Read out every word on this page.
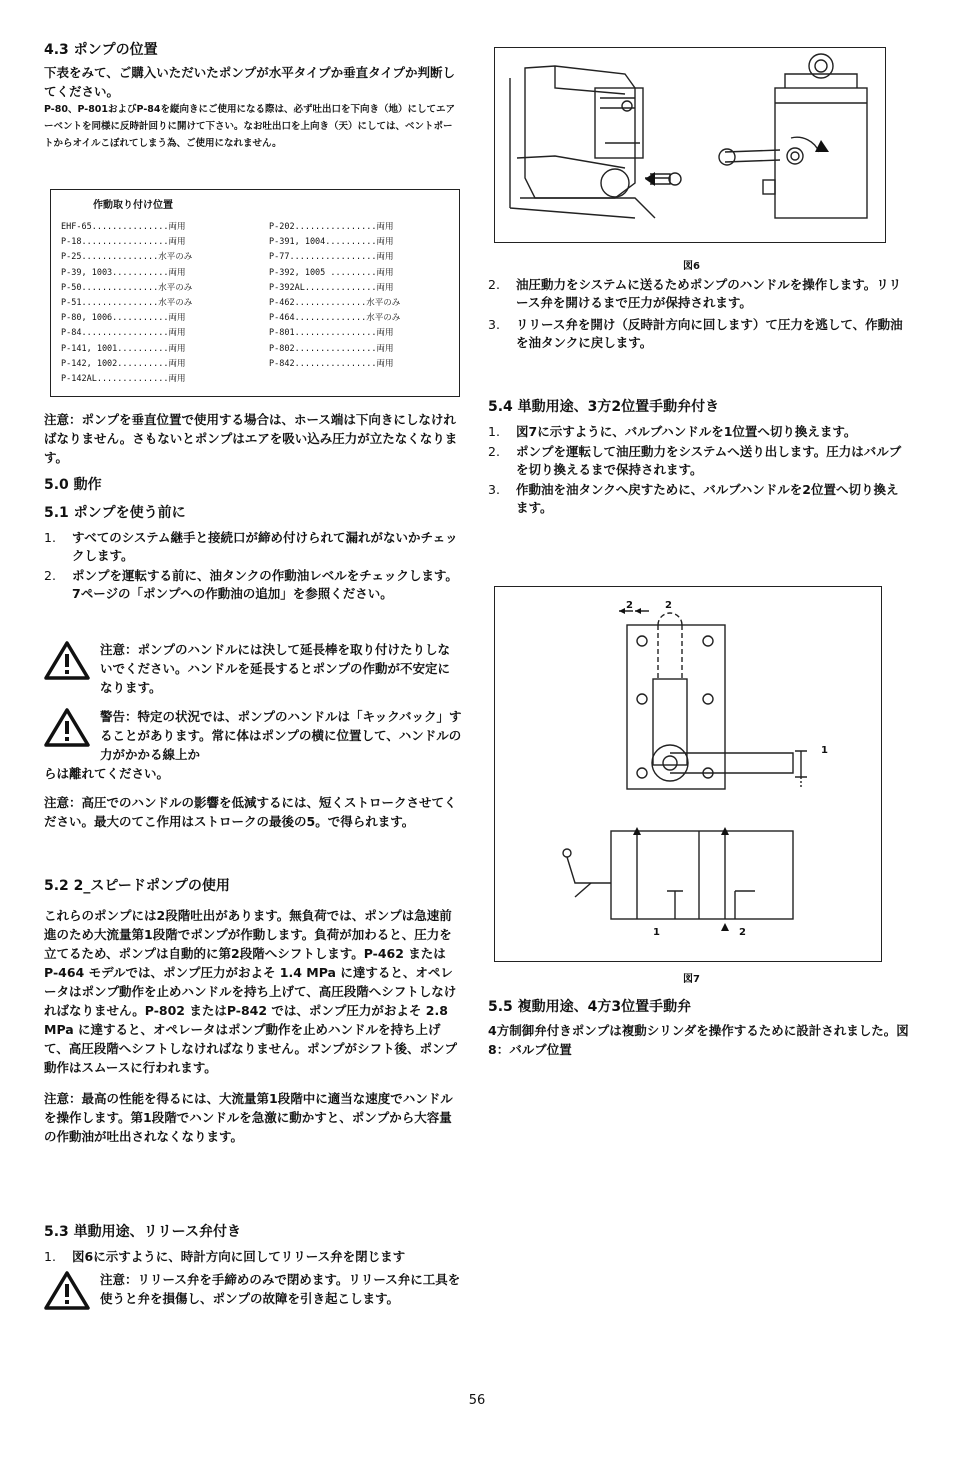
4.3 ポンプの位置
下表をみて、ご購入いただいたポンプが水平タイプか垂直タイプか判断してください。
P-80、P-801およびP-84を縦向きにご使用になる際は、必ず吐出口を下向き（地）にしてエアーベントを同様に反時計回りに開けて下さい。なお吐出口を上向き（天）にしては、ベントポートからオイルこぼれてしまう為、ご使用になれません。
作動取り付け位置
EHF-65...............両用
P-18.................両用
P-25...............水平のみ
P-39, 1003...........両用
P-50...............水平のみ
P-51...............水平のみ
P-80, 1006...........両用
P-84.................両用
P-141, 1001..........両用
P-142, 1002..........両用
P-142AL..............両用
P-202................両用
P-391, 1004..........両用
P-77.................両用
P-392, 1005 .........両用
P-392AL..............両用
P-462..............水平のみ
P-464..............水平のみ
P-801................両用
P-802................両用
P-842................両用
注意：ポンプを垂直位置で使用する場合は、ホース端は下向きにしなければなりません。さもないとポンプはエアを吸い込み圧力が立たなくなります。
5.0 動作
5.1 ポンプを使う前に
1.	すべてのシステム継手と接続口が締め付けられて漏れがないかチェックします。
2.	ポンプを運転する前に、油タンクの作動油レベルをチェックします。7ページの「ポンプへの作動油の追加」を参照ください。
注意：ポンプのハンドルには決して延長棒を取り付けたりしないでください。ハンドルを延長するとポンプの作動が不安定になります。
警告：特定の状況では、ポンプのハンドルは「キックバック」することがあります。常に体はポンプの横に位置して、ハンドルの力がかかる線上か
らは離れてください。
注意：高圧でのハンドルの影響を低減するには、短くストロークさせてください。最大のてこ作用はストロークの最後の5。で得られます。
5.2 2_スピードポンプの使用
これらのポンプには2段階吐出があります。無負荷では、ポンプは急速前進のため大流量第1段階でポンプが作動します。負荷が加わると、圧力を立てるため、ポンプは自動的に第2段階へシフトします。P-462 または P-464 モデルでは、ポンプ圧力がおよそ 1.4 MPa に達すると、オペレータはポンプ動作を止めハンドルを持ち上げて、高圧段階へシフトしなければなりません。P-802 またはP-842 では、ポンプ圧力がおよそ 2.8 MPa に達すると、オペレータはポンプ動作を止めハンドルを持ち上げて、高圧段階へシフトしなければなりません。ポンプがシフト後、ポンプ動作はスムースに行われます。
注意：最高の性能を得るには、大流量第1段階中に適当な速度でハンドルを操作します。第1段階でハンドルを急激に動かすと、ポンプから大容量の作動油が吐出されなくなります。
5.3 単動用途、リリース弁付き
1.	図6に示すように、時計方向に回してリリース弁を閉じます
注意：リリース弁を手締めのみで閉めます。リリース弁に工具を使うと弁を損傷し、ポンプの故障を引き起こします。
図6
2.	油圧動力をシステムに送るためポンプのハンドルを操作します。リリース弁を開けるまで圧力が保持されます。
3.	リリース弁を開け（反時計方向に回します）て圧力を逃して、作動油を油タンクに戻します。
5.4 単動用途、3方2位置手動弁付き
1.	図7に示すように、バルブハンドルを1位置へ切り換えます。
2.	ポンプを運転して油圧動力をシステムへ送り出します。圧力はバルブを切り換えるまで保持されます。
3.	作動油を油タンクへ戻すために、バルブハンドルを2位置へ切り換えます。
2	2
1
1	2
図7
5.5 複動用途、4方3位置手動弁
4方制御弁付きポンプは複動シリンダを操作するために設計されました。図8：バルブ位置
56
